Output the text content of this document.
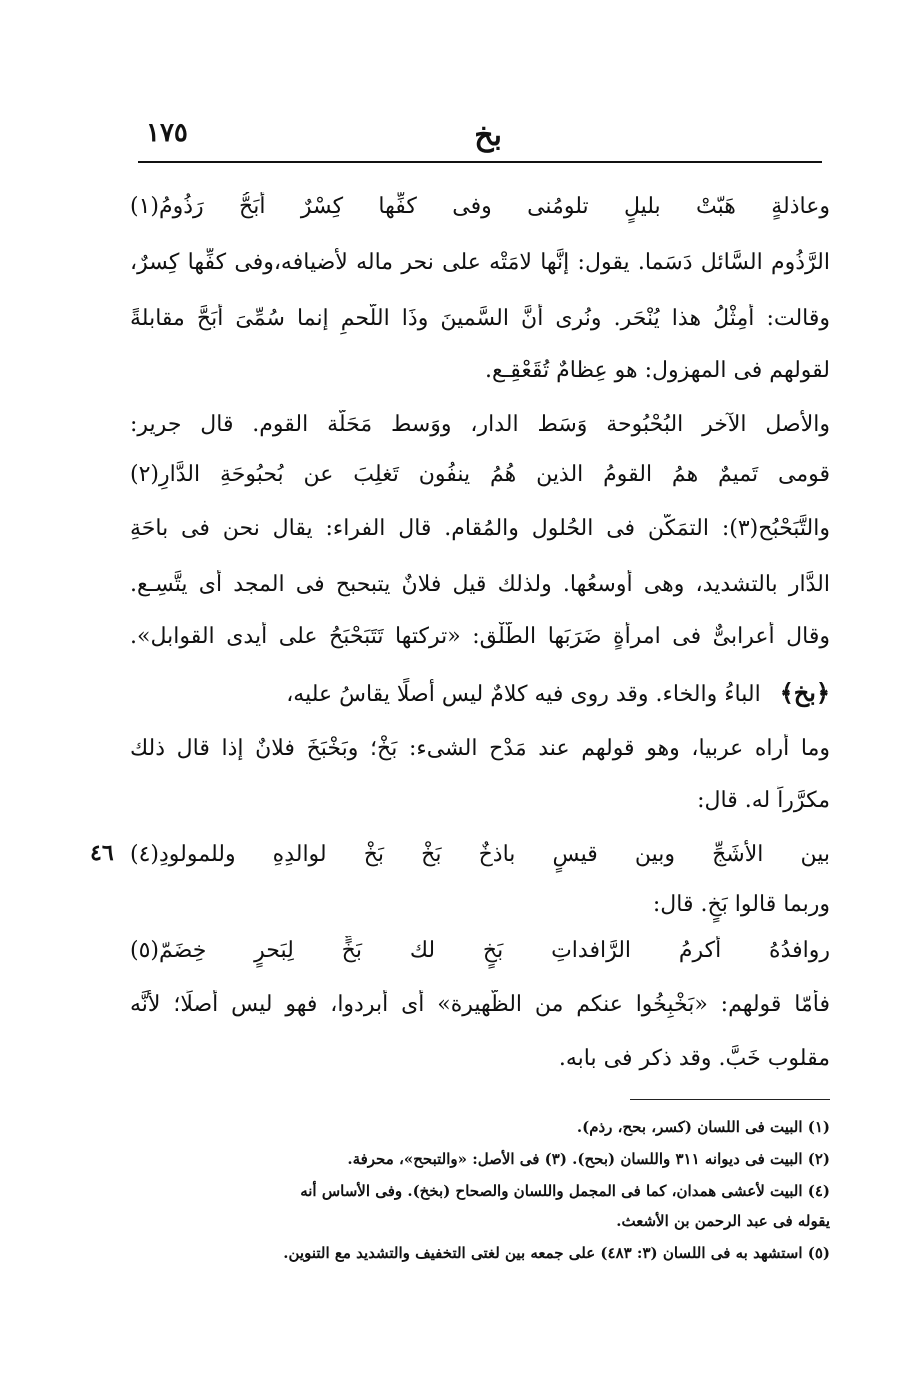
بخ
١٧٥
وعاذلةٍ هَبّتْ بليلٍ تلومُنى وفى كفِّها كِسْرٌ أَبَحُّ رَذُومُ(١)
الرَّذُوم السَّائل دَسَما. يقول: إنَّها لامَتْه على نحر ماله لأضيافه،وفى كفِّها كِسرٌ،
وقالت: أَمِثْلُ هذا يُنْحَر. ونُرى أنَّ السَّمينَ وذَا اللَّحمِ إنما سُمِّىَ أبَحَّ مقابلةً
لقولهم فى المهزول: هو عِظامٌ تُقَعْقِـع.
والأصل الآخر البُحْبُوحة وَسَط الدار، ووَسط مَحَلَّة القوم. قال جرير:
قومى تَميمٌ همُ القومُ الذين هُمُ ينفُون تَغلِبَ عن بُحبُوحَةِ الدَّارِ(٢)
والتَّبَحْبُح(٣): التمَكُّن فى الحُلول والمُقام. قال الفراء: يقال نحن فى باحَةِ
الدَّار بالتشديد، وهى أوسعُها. ولذلك قيل فلانٌ يتبحبح فى المجد أى يتَّسِـع.
وقال أعرابىٌّ فى امرأةٍ ضَرَبَها الطَّلْق: «تركتها تَتَبَحْبَحُ على أيدى القوابل».
﴿بخ﴾ الباءُ والخاء. وقد روى فيه كلامٌ ليس أصلًا يقاسُ عليه،
وما أراه عربيا، وهو قولهم عند مَدْح الشىء: بَخْ؛ وبَخْبَخَ فلانٌ إذا قال ذلك
مكرَّراً له. قال:
بين الأشَجِّ وبين قيسٍ باذخٌ بَخْ بَخْ لوالدِهِ وللمولودِ(٤)
٤٦
وربما قالوا بَخٍ. قال:
روافدُهُ أكرمُ الرَّافداتِ بَخٍ لك بَخٍّ لِبَحرٍ خِضَمّ(٥)
فأمّا قولهم: «بَخْبِخُوا عنكم من الظَّهيرة» أى أبردوا، فهو ليس أصلًا؛ لأنَّه
مقلوب خَبَّ. وقد ذكر فى بابه.
(١) البيت فى اللسان (كسر، بحح، رذم).
(٢) البيت فى ديوانه ٣١١ واللسان (بحح). (٣) فى الأصل: «والتبحح»، محرفة.
(٤) البيت لأعشى همدان، كما فى المجمل واللسان والصحاح (بخخ). وفى الأساس أنه
يقوله فى عبد الرحمن بن الأشعث.
(٥) استشهد به فى اللسان (٣: ٤٨٣) على جمعه بين لغتى التخفيف والتشديد مع التنوين.
